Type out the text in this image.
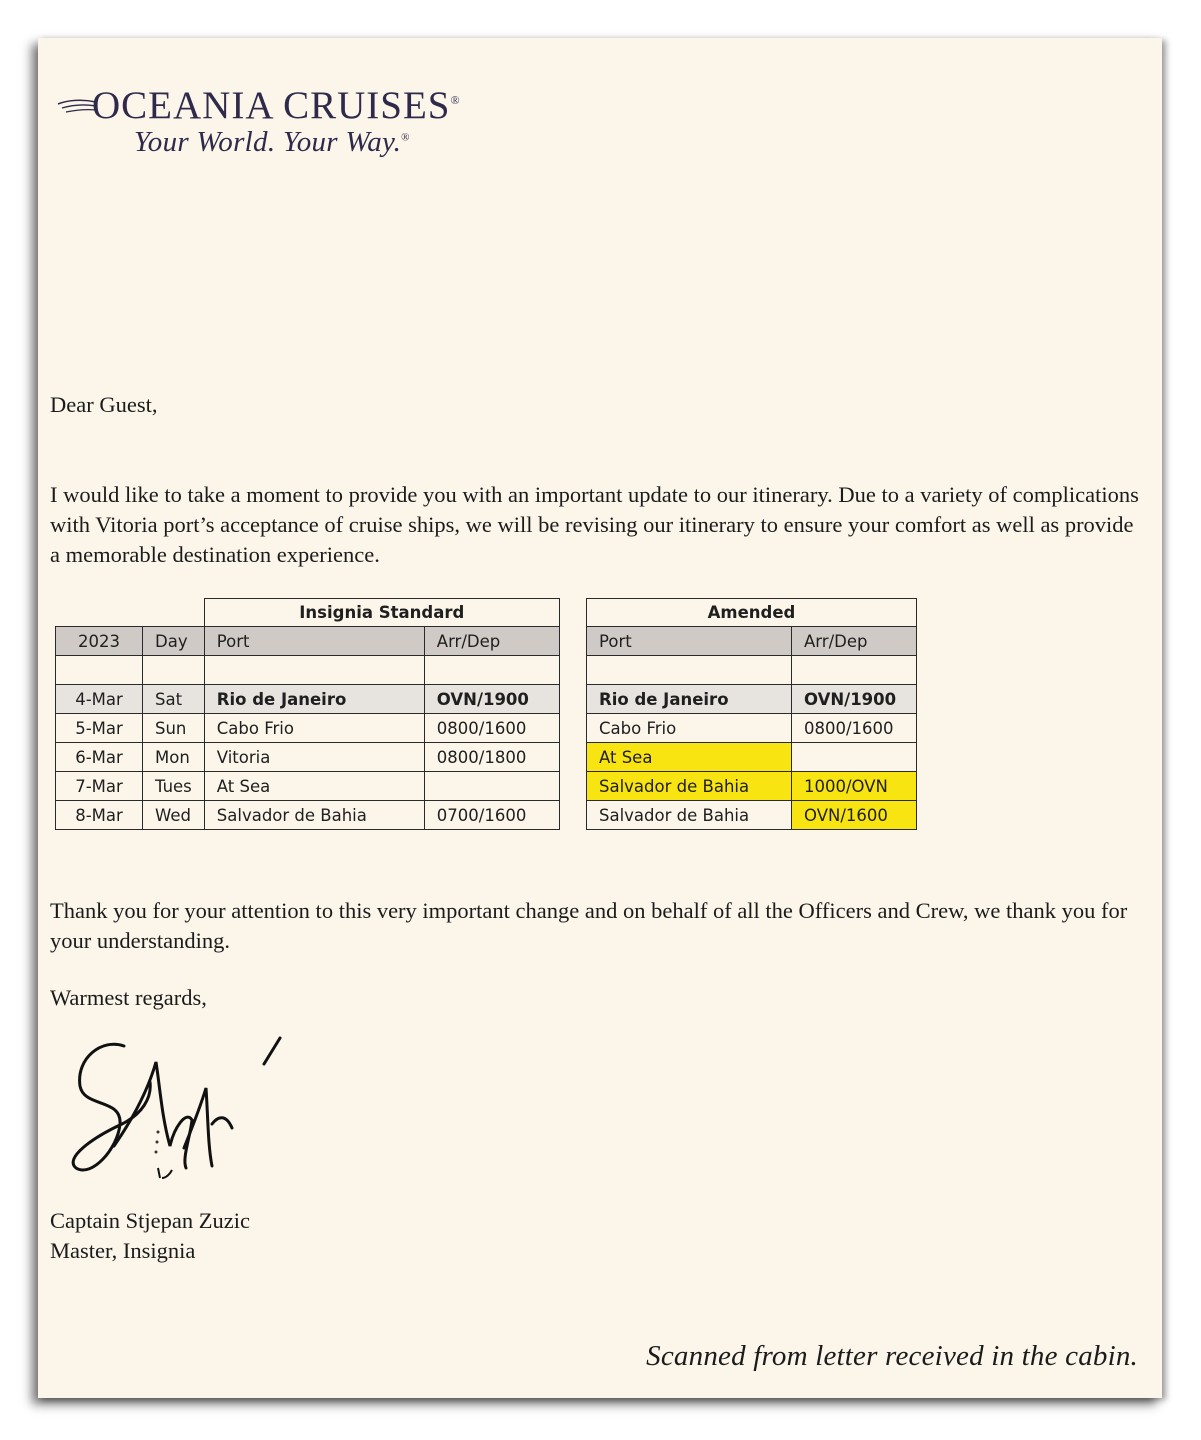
OCEANIA CRUISES®
Your World. Your Way.®
Dear Guest,
I would like to take a moment to provide you with an important update to our itinerary. Due to a variety of complications with Vitoria port’s acceptance of cruise ships, we will be revising our itinerary to ensure your comfort as well as provide a memorable destination experience.
		Insignia Standard	
2023	Day	Port	Arr/Dep

4-Mar	Sat	Rio de Janeiro	OVN/1900
5-Mar	Sun	Cabo Frio	0800/1600
6-Mar	Mon	Vitoria	0800/1800
7-Mar	Tues	At Sea	
8-Mar	Wed	Salvador de Bahia	0700/1600
Amended	
Port	Arr/Dep

Rio de Janeiro	OVN/1900
Cabo Frio	0800/1600
At Sea	
Salvador de Bahia	1000/OVN
Salvador de Bahia	OVN/1600
Thank you for your attention to this very important change and on behalf of all the Officers and Crew, we thank you for your understanding.
Warmest regards,
Captain Stjepan Zuzic
Master, Insignia
Scanned from letter received in the cabin.
